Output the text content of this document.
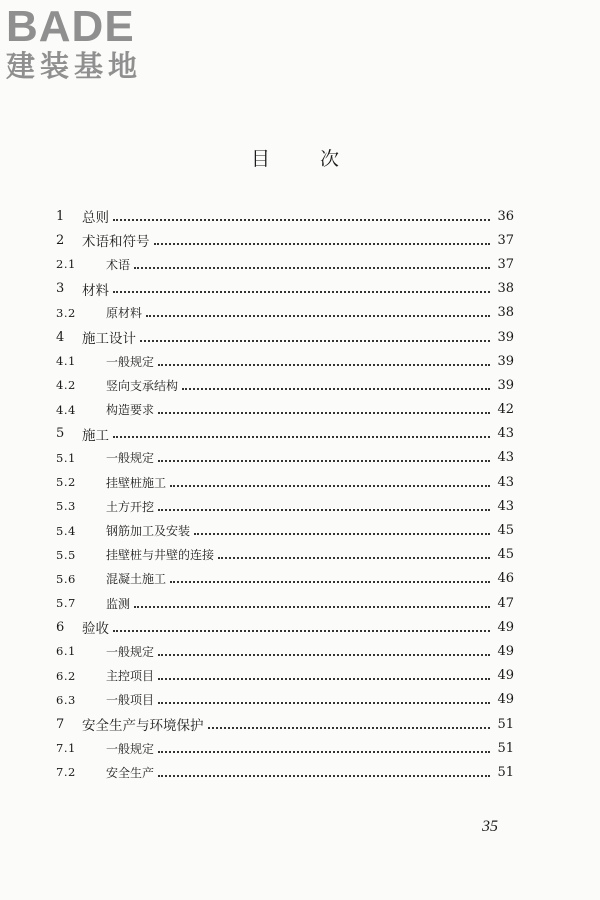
BADE
建装基地
目次
1 总则	36
2 术语和符号	37
2.1	术语	37
3 材料	38
3.2	原材料	38
4 施工设计	39
4.1	一般规定	39
4.2	竖向支承结构	39
4.4	构造要求	42
5 施工	43
5.1	一般规定	43
5.2	挂壁桩施工	43
5.3	土方开挖	43
5.4	钢筋加工及安装	45
5.5	挂壁桩与井壁的连接	45
5.6	混凝土施工	46
5.7	监测	47
6 验收	49
6.1	一般规定	49
6.2	主控项目	49
6.3	一般项目	49
7 安全生产与环境保护	51
7.1	一般规定	51
7.2	安全生产	51
35
